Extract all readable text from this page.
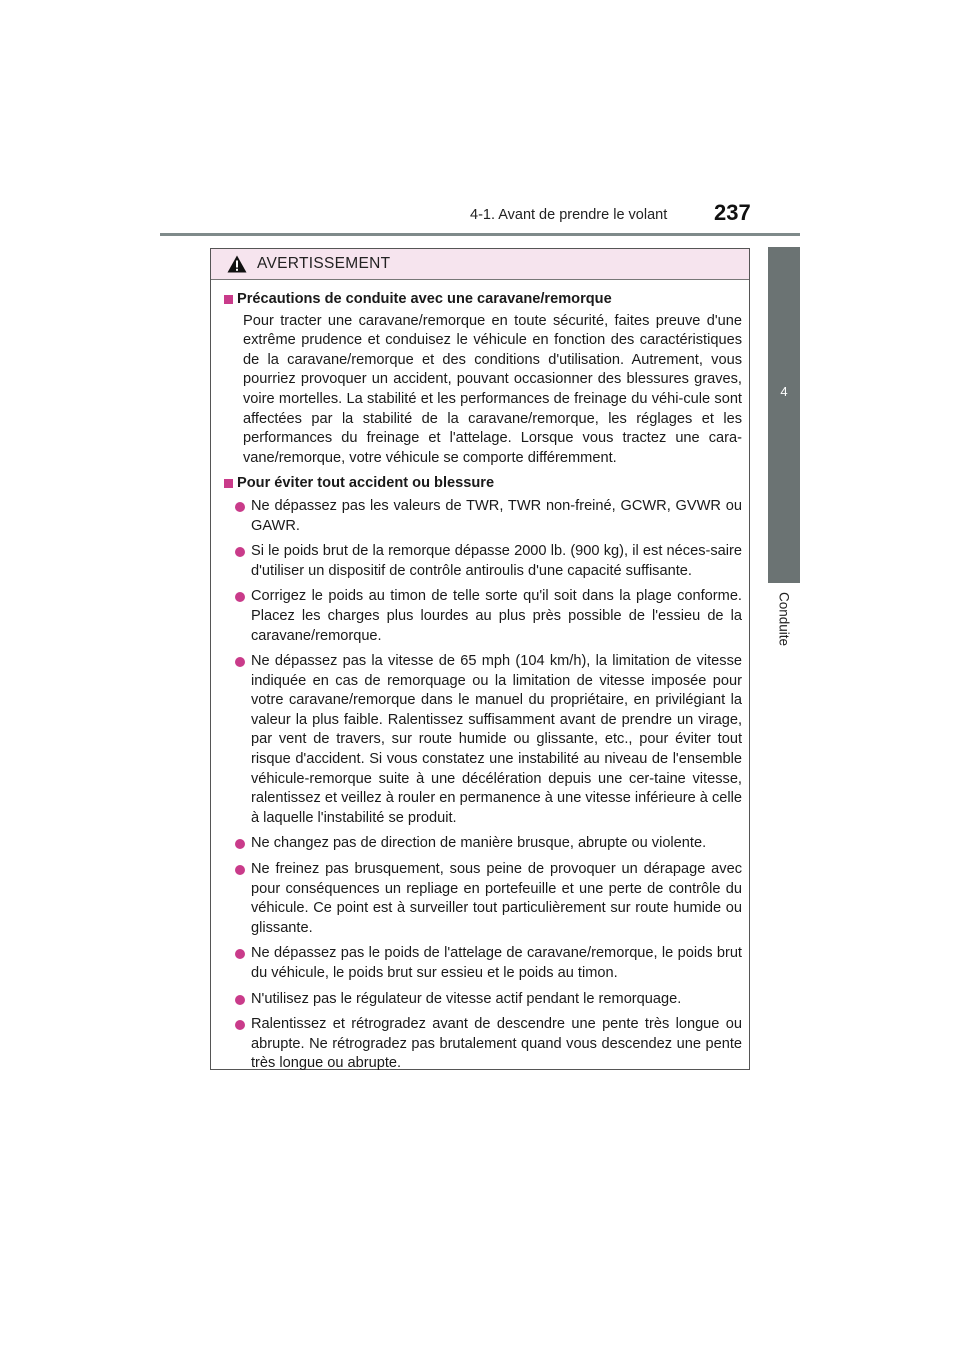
4-1. Avant de prendre le volant 237
4
Conduite
AVERTISSEMENT
Précautions de conduite avec une caravane/remorque
Pour tracter une caravane/remorque en toute sécurité, faites preuve d'une extrême prudence et conduisez le véhicule en fonction des caractéristiques de la caravane/remorque et des conditions d'utilisation. Autrement, vous pourriez provoquer un accident, pouvant occasionner des blessures graves, voire mortelles. La stabilité et les performances de freinage du véhi-cule sont affectées par la stabilité de la caravane/remorque, les réglages et les performances du freinage et l'attelage. Lorsque vous tractez une cara-vane/remorque, votre véhicule se comporte différemment.
Pour éviter tout accident ou blessure
Ne dépassez pas les valeurs de TWR, TWR non-freiné, GCWR, GVWR ou GAWR.
Si le poids brut de la remorque dépasse 2000 lb. (900 kg), il est néces-saire d'utiliser un dispositif de contrôle antiroulis d'une capacité suffisante.
Corrigez le poids au timon de telle sorte qu'il soit dans la plage conforme. Placez les charges plus lourdes au plus près possible de l'essieu de la caravane/remorque.
Ne dépassez pas la vitesse de 65 mph (104 km/h), la limitation de vitesse indiquée en cas de remorquage ou la limitation de vitesse imposée pour votre caravane/remorque dans le manuel du propriétaire, en privilégiant la valeur la plus faible. Ralentissez suffisamment avant de prendre un virage, par vent de travers, sur route humide ou glissante, etc., pour éviter tout risque d'accident. Si vous constatez une instabilité au niveau de l'ensemble véhicule-remorque suite à une décélération depuis une cer-taine vitesse, ralentissez et veillez à rouler en permanence à une vitesse inférieure à celle à laquelle l'instabilité se produit.
Ne changez pas de direction de manière brusque, abrupte ou violente.
Ne freinez pas brusquement, sous peine de provoquer un dérapage avec pour conséquences un repliage en portefeuille et une perte de contrôle du véhicule. Ce point est à surveiller tout particulièrement sur route humide ou glissante.
Ne dépassez pas le poids de l'attelage de caravane/remorque, le poids brut du véhicule, le poids brut sur essieu et le poids au timon.
N'utilisez pas le régulateur de vitesse actif pendant le remorquage.
Ralentissez et rétrogradez avant de descendre une pente très longue ou abrupte. Ne rétrogradez pas brutalement quand vous descendez une pente très longue ou abrupte.
